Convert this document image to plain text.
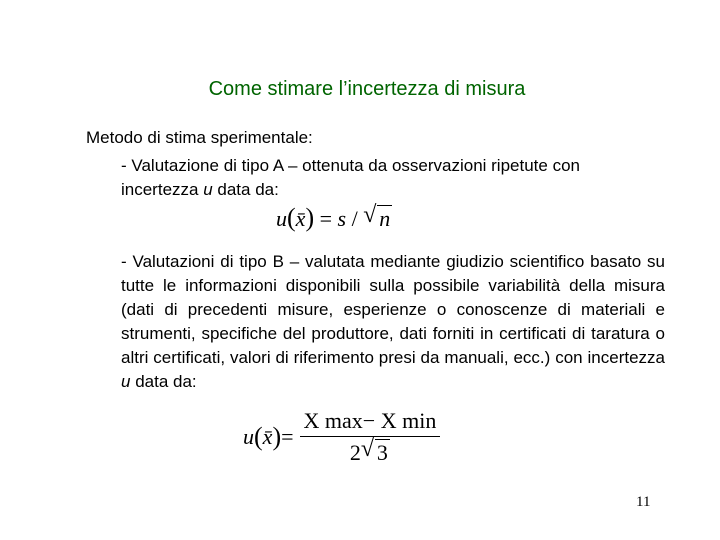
Come stimare l’incertezza di misura
Metodo di stima sperimentale:
- Valutazione di tipo A – ottenuta da osservazioni ripetute con incertezza u data da:
u(x̄) = s / √ n
- Valutazioni di tipo B – valutata mediante giudizio scientifico basato su tutte le informazioni disponibili sulla possibile variabilità della misura (dati di precedenti misure, esperienze o conoscenze di materiali e strumenti, specifiche del produttore, dati forniti in certificati di taratura o altri certificati, valori di riferimento presi da manuali, ecc.) con incertezza u data da:
u ( x̄ ) = $\frac{\text{X max− X min}}{2 √ 3}$
11
